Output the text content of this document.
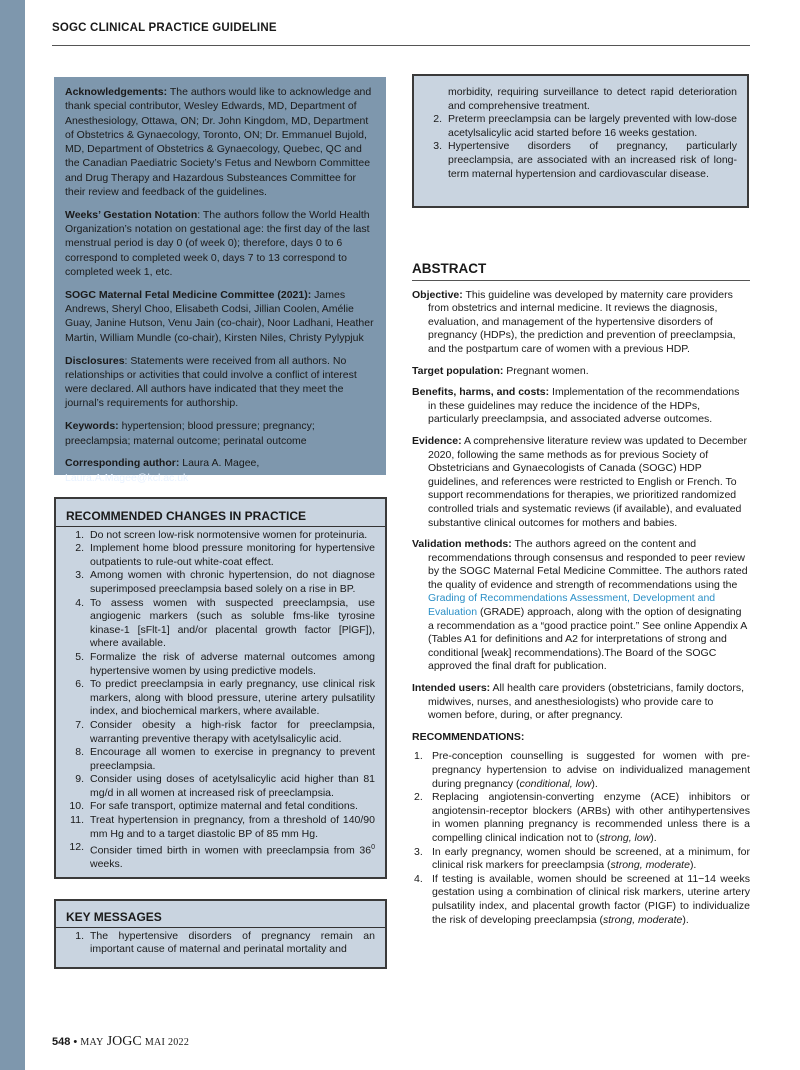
SOGC CLINICAL PRACTICE GUIDELINE

Acknowledgements: The authors would like to acknowledge and thank special contributor, Wesley Edwards, MD, Department of Anesthesiology, Ottawa, ON; Dr. John Kingdom, MD, Department of Obstetrics & Gynaecology, Toronto, ON; Dr. Emmanuel Bujold, MD, Department of Obstetrics & Gynaecology, Quebec, QC and the Canadian Paediatric Society’s Fetus and Newborn Committee and Drug Therapy and Hazardous Substeances Committee for their review and feedback of the guidelines.

Weeks’ Gestation Notation: The authors follow the World Health Organization’s notation on gestational age: the first day of the last menstrual period is day 0 (of week 0); therefore, days 0 to 6 correspond to completed week 0, days 7 to 13 correspond to completed week 1, etc.

SOGC Maternal Fetal Medicine Committee (2021): James Andrews, Sheryl Choo, Elisabeth Codsi, Jillian Coolen, Amélie Guay, Janine Hutson, Venu Jain (co-chair), Noor Ladhani, Heather Martin, William Mundle (co-chair), Kirsten Niles, Christy Pylypjuk

Disclosures: Statements were received from all authors. No relationships or activities that could involve a conflict of interest were declared. All authors have indicated that they meet the journal’s requirements for authorship.

Keywords: hypertension; blood pressure; pregnancy; preeclampsia; maternal outcome; perinatal outcome

Corresponding author: Laura A. Magee,
Laura.A.Magee@kcl.ac.uk

RECOMMENDED CHANGES IN PRACTICE
1. Do not screen low-risk normotensive women for proteinuria.
2. Implement home blood pressure monitoring for hypertensive outpatients to rule-out white-coat effect.
3. Among women with chronic hypertension, do not diagnose superimposed preeclampsia based solely on a rise in BP.
4. To assess women with suspected preeclampsia, use angiogenic markers (such as soluble fms-like tyrosine kinase-1 [sFlt-1] and/or placental growth factor [PlGF]), where available.
5. Formalize the risk of adverse maternal outcomes among hypertensive women by using predictive models.
6. To predict preeclampsia in early pregnancy, use clinical risk markers, along with blood pressure, uterine artery pulsatility index, and biochemical markers, where available.
7. Consider obesity a high-risk factor for preeclampsia, warranting preventive therapy with acetylsalicylic acid.
8. Encourage all women to exercise in pregnancy to prevent preeclampsia.
9. Consider using doses of acetylsalicylic acid higher than 81 mg/d in all women at increased risk of preeclampsia.
10. For safe transport, optimize maternal and fetal conditions.
11. Treat hypertension in pregnancy, from a threshold of 140/90 mm Hg and to a target diastolic BP of 85 mm Hg.
12. Consider timed birth in women with preeclampsia from $36^0$ weeks.
KEY MESSAGES
1. The hypertensive disorders of pregnancy remain an important cause of maternal and perinatal mortality and
morbidity, requiring surveillance to detect rapid deterioration and comprehensive treatment.
2. Preterm preeclampsia can be largely prevented with low-dose acetylsalicylic acid started before 16 weeks gestation.
3. Hypertensive disorders of pregnancy, particularly preeclampsia, are associated with an increased risk of long-term maternal hypertension and cardiovascular disease.
ABSTRACT
Objective: This guideline was developed by maternity care providers from obstetrics and internal medicine. It reviews the diagnosis, evaluation, and management of the hypertensive disorders of pregnancy (HDPs), the prediction and prevention of preeclampsia, and the postpartum care of women with a previous HDP.
Target population: Pregnant women.
Benefits, harms, and costs: Implementation of the recommendations in these guidelines may reduce the incidence of the HDPs, particularly preeclampsia, and associated adverse outcomes.
Evidence: A comprehensive literature review was updated to December 2020, following the same methods as for previous Society of Obstetricians and Gynaecologists of Canada (SOGC) HDP guidelines, and references were restricted to English or French. To support recommendations for therapies, we prioritized randomized controlled trials and systematic reviews (if available), and evaluated substantive clinical outcomes for mothers and babies.
Validation methods: The authors agreed on the content and recommendations through consensus and responded to peer review by the SOGC Maternal Fetal Medicine Committee. The authors rated the quality of evidence and strength of recommendations using the Grading of Recommendations Assessment, Development and Evaluation (GRADE) approach, along with the option of designating a recommendation as a “good practice point.” See online Appendix A (Tables A1 for definitions and A2 for interpretations of strong and conditional [weak] recommendations).The Board of the SOGC approved the final draft for publication.
Intended users: All health care providers (obstetricians, family doctors, midwives, nurses, and anesthesiologists) who provide care to women before, during, or after pregnancy.
RECOMMENDATIONS:
1. Pre-conception counselling is suggested for women with pre-pregnancy hypertension to advise on individualized management during pregnancy (conditional, low).
2. Replacing angiotensin-converting enzyme (ACE) inhibitors or angiotensin-receptor blockers (ARBs) with other antihypertensives in women planning pregnancy is recommended unless there is a compelling clinical indication not to (strong, low).
3. In early pregnancy, women should be screened, at a minimum, for clinical risk markers for preeclampsia (strong, moderate).
4. If testing is available, women should be screened at 11−14 weeks gestation using a combination of clinical risk markers, uterine artery pulsatility index, and placental growth factor (PIGF) to individualize the risk of developing preeclampsia (strong, moderate).
548 • MAY JOGC MAI 2022
